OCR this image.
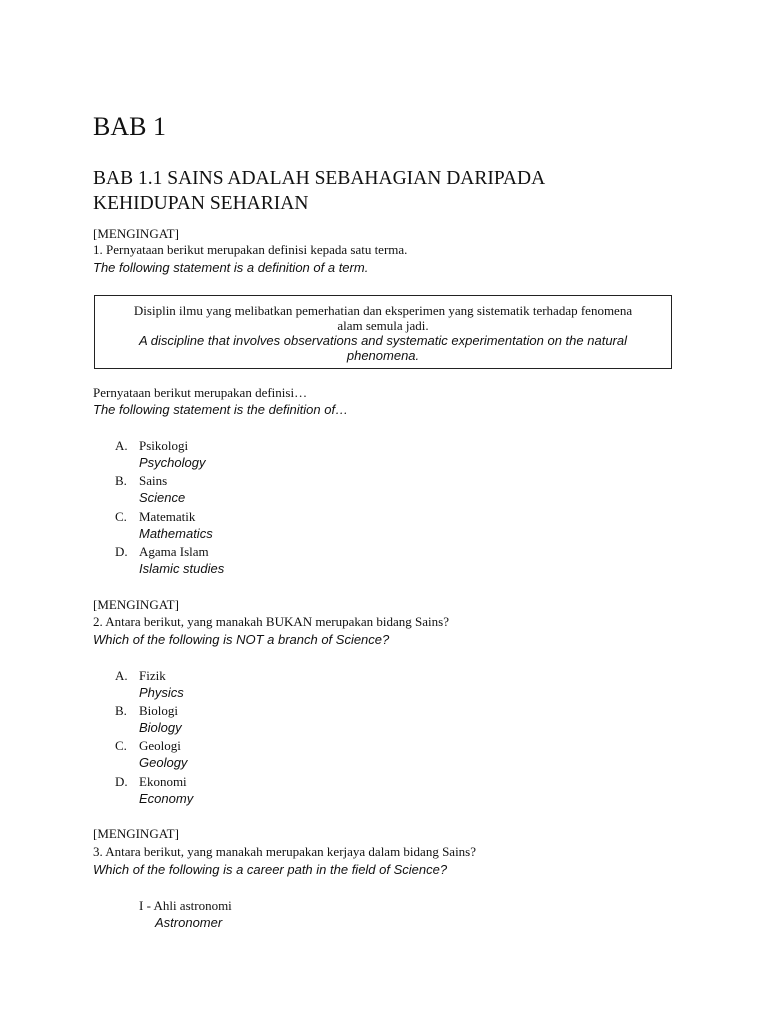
BAB 1
BAB 1.1 SAINS ADALAH SEBAHAGIAN DARIPADA KEHIDUPAN SEHARIAN
[MENGINGAT]
1. Pernyataan berikut merupakan definisi kepada satu terma.
The following statement is a definition of a term.
Disiplin ilmu yang melibatkan pemerhatian dan eksperimen yang sistematik terhadap fenomena alam semula jadi.
A discipline that involves observations and systematic experimentation on the natural phenomena.
Pernyataan berikut merupakan definisi…
The following statement is the definition of…
A. Psikologi
Psychology
B. Sains
Science
C. Matematik
Mathematics
D. Agama Islam
Islamic studies
[MENGINGAT]
2. Antara berikut, yang manakah BUKAN merupakan bidang Sains?
Which of the following is NOT a branch of Science?
A. Fizik
Physics
B. Biologi
Biology
C. Geologi
Geology
D. Ekonomi
Economy
[MENGINGAT]
3. Antara berikut, yang manakah merupakan kerjaya dalam bidang Sains?
Which of the following is a career path in the field of Science?
I - Ahli astronomi
Astronomer
